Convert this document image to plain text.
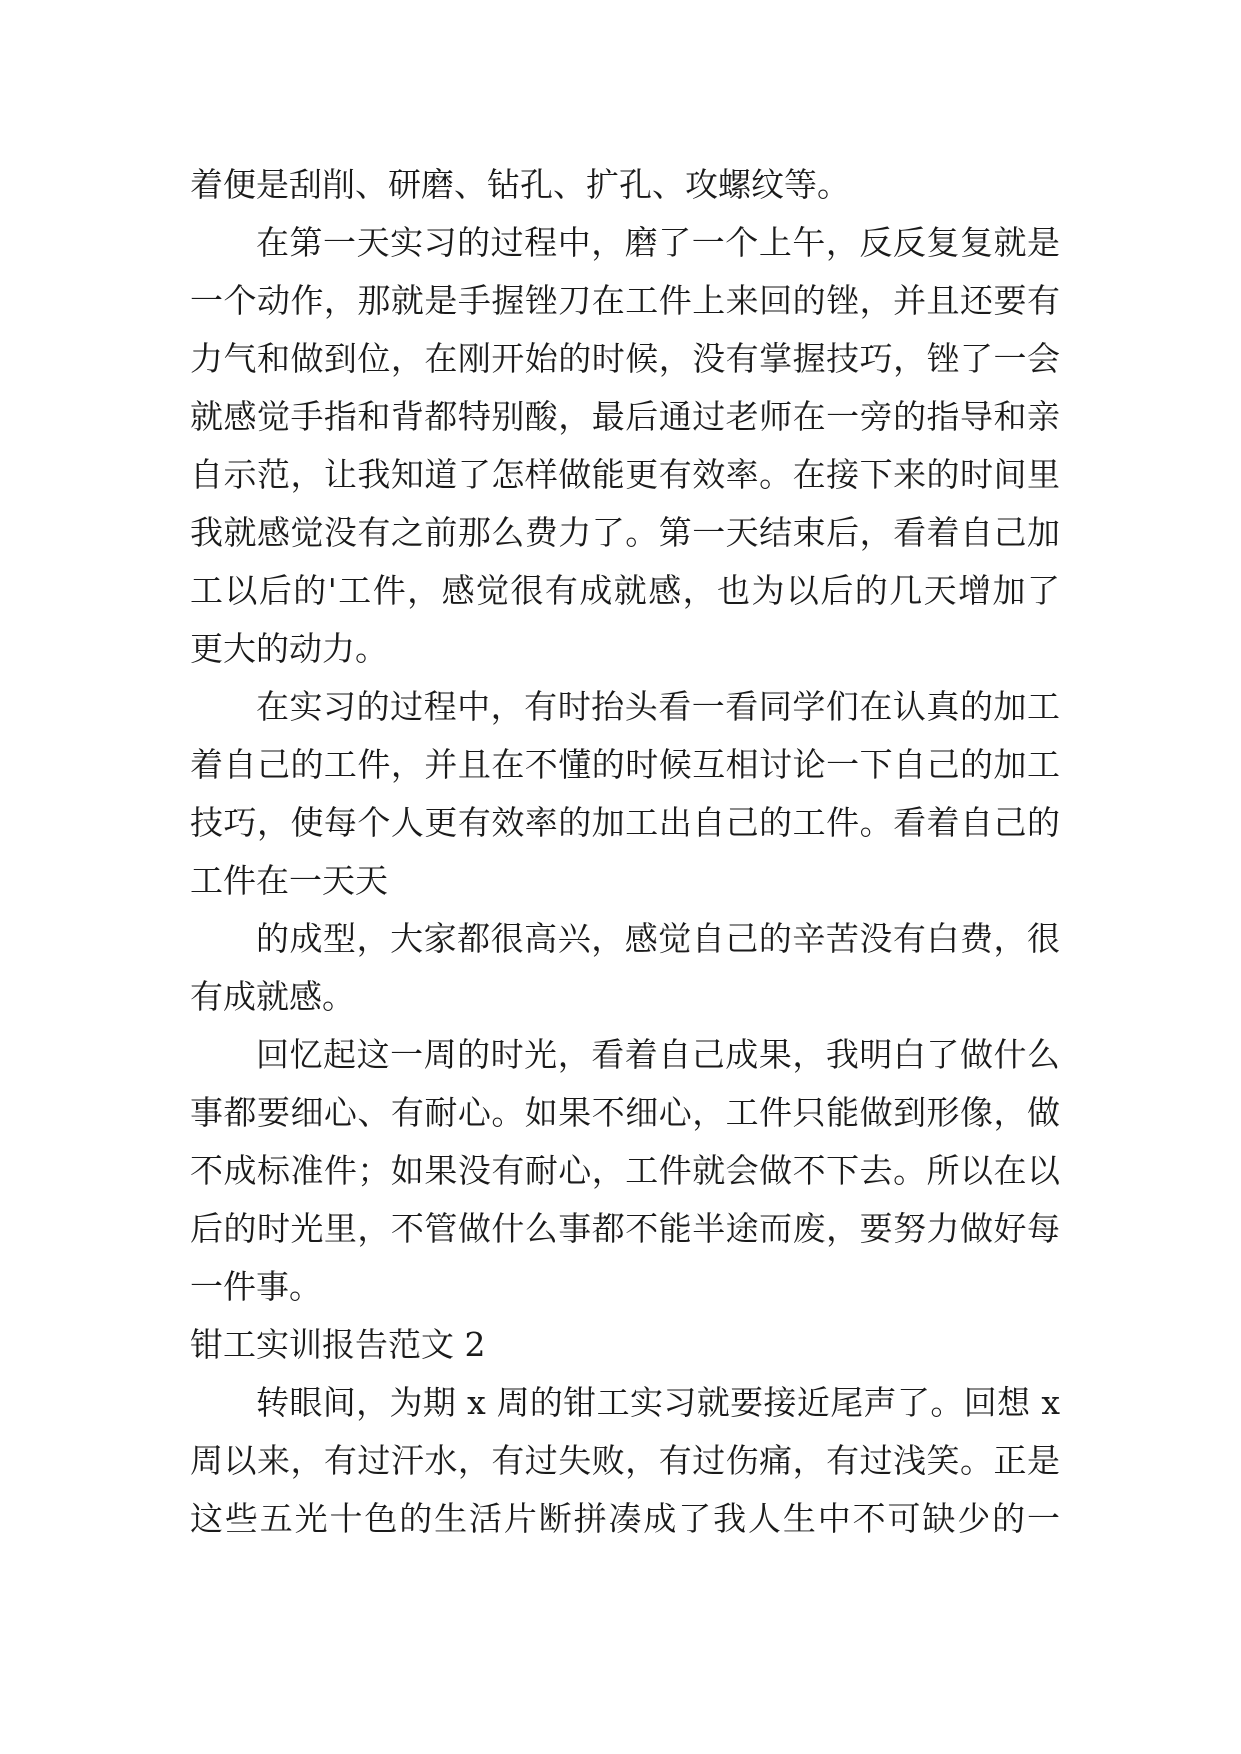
着便是刮削、研磨、钻孔、扩孔、攻螺纹等。
在第一天实习的过程中，磨了一个上午，反反复复就是
一个动作，那就是手握锉刀在工件上来回的锉，并且还要有
力气和做到位，在刚开始的时候，没有掌握技巧，锉了一会
就感觉手指和背都特别酸，最后通过老师在一旁的指导和亲
自示范，让我知道了怎样做能更有效率。在接下来的时间里
我就感觉没有之前那么费力了。第一天结束后，看着自己加
工以后的'工件，感觉很有成就感，也为以后的几天增加了
更大的动力。
在实习的过程中，有时抬头看一看同学们在认真的加工
着自己的工件，并且在不懂的时候互相讨论一下自己的加工
技巧，使每个人更有效率的加工出自己的工件。看着自己的
工件在一天天
的成型，大家都很高兴，感觉自己的辛苦没有白费，很
有成就感。
回忆起这一周的时光，看着自己成果，我明白了做什么
事都要细心、有耐心。如果不细心，工件只能做到形像，做
不成标准件；如果没有耐心，工件就会做不下去。所以在以
后的时光里，不管做什么事都不能半途而废，要努力做好每
一件事。
钳工实训报告范文 2
转眼间，为期 x 周的钳工实习就要接近尾声了。回想 x
周以来，有过汗水，有过失败，有过伤痛，有过浅笑。正是
这些五光十色的生活片断拼凑成了我人生中不可缺少的一
